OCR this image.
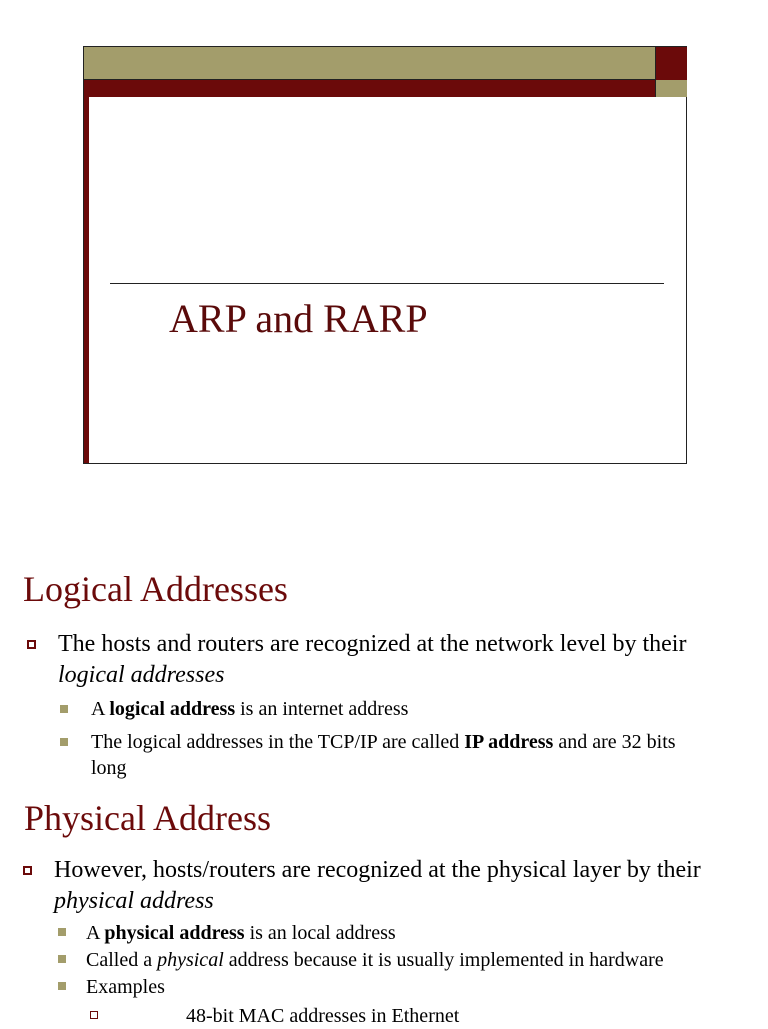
ARP and RARP
Logical Addresses
The hosts and routers are recognized at the network level by their logical addresses
A logical address is an internet address
The logical addresses in the TCP/IP are called IP address and are 32 bits long
Physical Address
However, hosts/routers are recognized at the physical layer by their physical address
A physical address is an local address
Called a physical address because it is usually implemented in hardware
Examples
48-bit MAC addresses in Ethernet
